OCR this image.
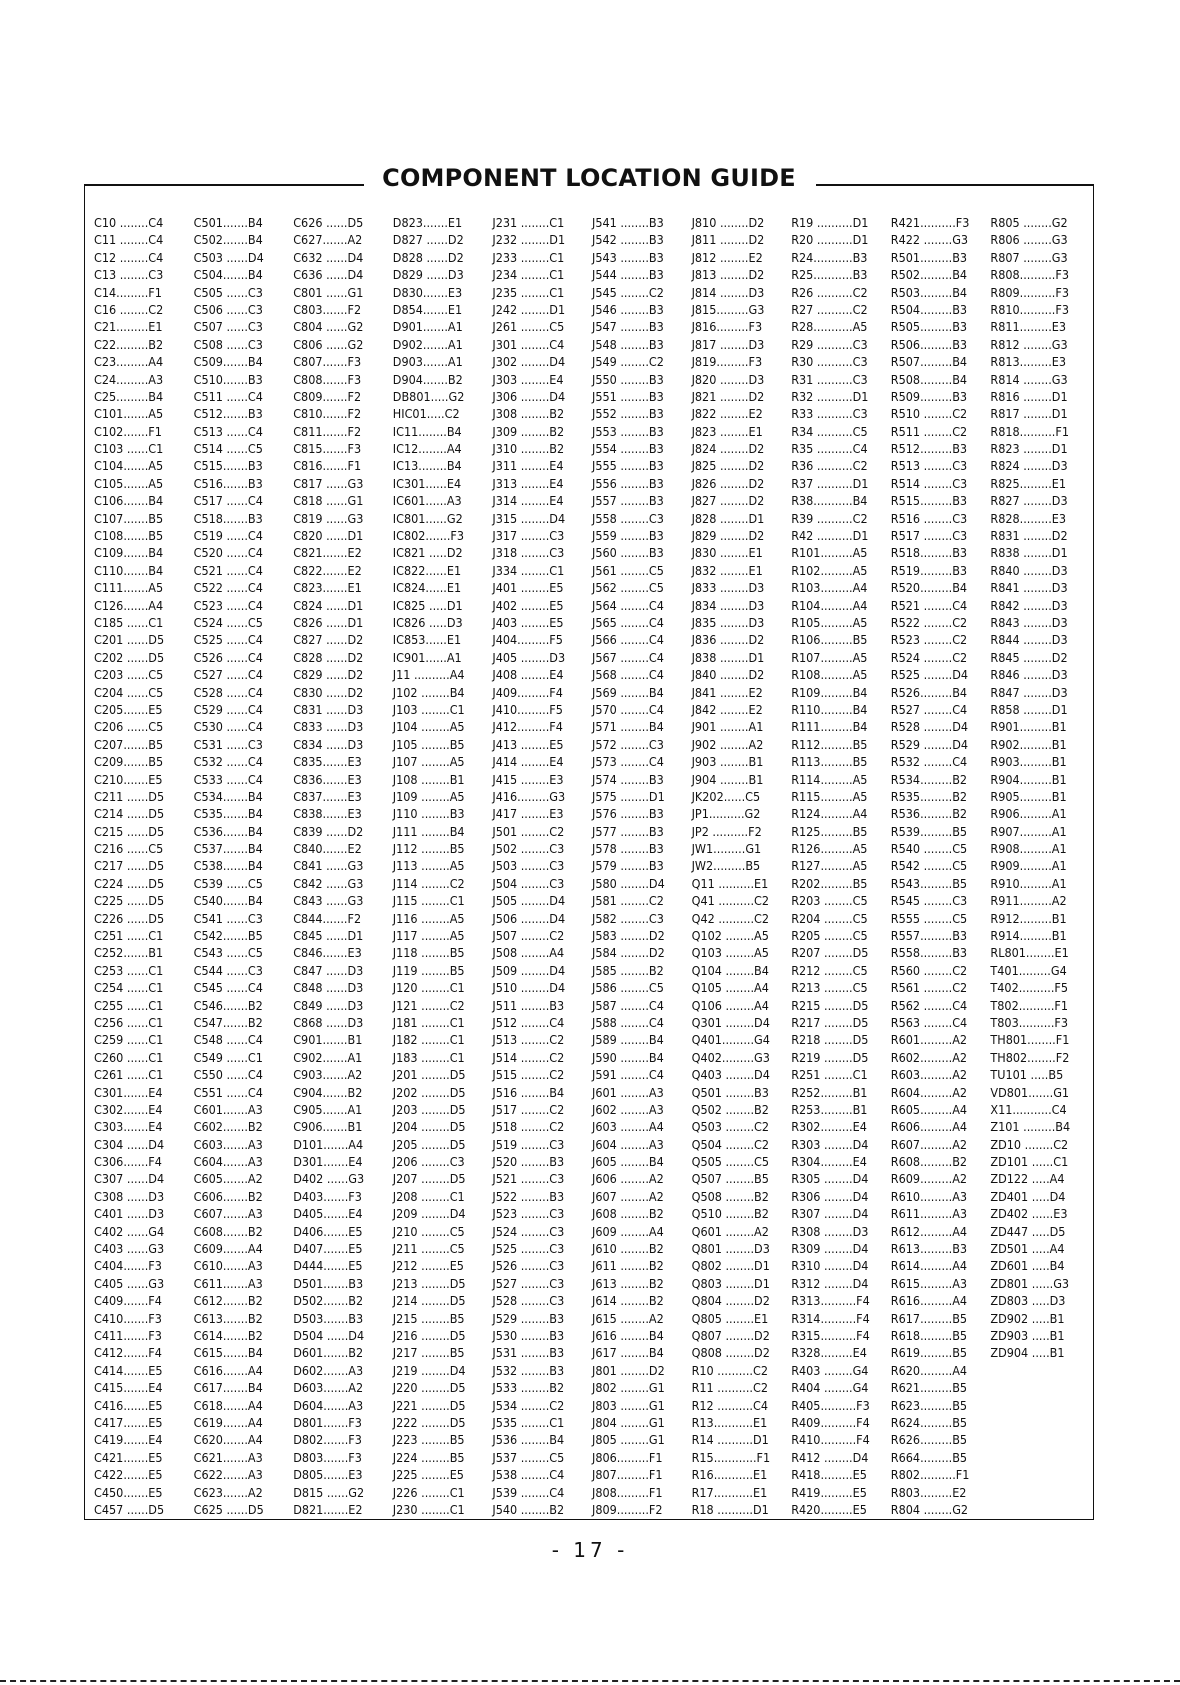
COMPONENT LOCATION GUIDE
C10 ........C4
C11 ........C4
C12 ........C4
C13 ........C3
C14.........F1
C16 ........C2
C21.........E1
C22.........B2
C23.........A4
C24.........A3
C25.........B4
C101.......A5
C102.......F1
C103 ......C1
C104.......A5
C105.......A5
C106.......B4
C107.......B5
C108.......B5
C109.......B4
C110.......B4
C111.......A5
C126.......A4
C185 ......C1
C201 ......D5
C202 ......D5
C203 ......C5
C204 ......C5
C205.......E5
C206 ......C5
C207.......B5
C209.......B5
C210.......E5
C211 ......D5
C214 ......D5
C215 ......D5
C216 ......C5
C217 ......D5
C224 ......D5
C225 ......D5
C226 ......D5
C251 ......C1
C252.......B1
C253 ......C1
C254 ......C1
C255 ......C1
C256 ......C1
C259 ......C1
C260 ......C1
C261 ......C1
C301.......E4
C302.......E4
C303.......E4
C304 ......D4
C306.......F4
C307 ......D4
C308 ......D3
C401 ......D3
C402 ......G4
C403 ......G3
C404.......F3
C405 ......G3
C409.......F4
C410.......F3
C411.......F3
C412.......F4
C414.......E5
C415.......E4
C416.......E5
C417.......E5
C419.......E4
C421.......E5
C422.......E5
C450.......E5
C457 ......D5
C501.......B4
C502.......B4
C503 ......D4
C504.......B4
C505 ......C3
C506 ......C3
C507 ......C3
C508 ......C3
C509.......B4
C510.......B3
C511 ......C4
C512.......B3
C513 ......C4
C514 ......C5
C515.......B3
C516.......B3
C517 ......C4
C518.......B3
C519 ......C4
C520 ......C4
C521 ......C4
C522 ......C4
C523 ......C4
C524 ......C5
C525 ......C4
C526 ......C4
C527 ......C4
C528 ......C4
C529 ......C4
C530 ......C4
C531 ......C3
C532 ......C4
C533 ......C4
C534.......B4
C535.......B4
C536.......B4
C537.......B4
C538.......B4
C539 ......C5
C540.......B4
C541 ......C3
C542.......B5
C543 ......C5
C544 ......C3
C545 ......C4
C546.......B2
C547.......B2
C548 ......C4
C549 ......C1
C550 ......C4
C551 ......C4
C601.......A3
C602.......B2
C603.......A3
C604.......A3
C605.......A2
C606.......B2
C607.......A3
C608.......B2
C609.......A4
C610.......A3
C611.......A3
C612.......B2
C613.......B2
C614.......B2
C615.......B4
C616.......A4
C617.......B4
C618.......A4
C619.......A4
C620.......A4
C621.......A3
C622.......A3
C623.......A2
C625 ......D5
C626 ......D5
C627.......A2
C632 ......D4
C636 ......D4
C801 ......G1
C803.......F2
C804 ......G2
C806 ......G2
C807.......F3
C808.......F3
C809.......F2
C810.......F2
C811.......F2
C815.......F3
C816.......F1
C817 ......G3
C818 ......G1
C819 ......G3
C820 ......D1
C821.......E2
C822.......E2
C823.......E1
C824 ......D1
C826 ......D1
C827 ......D2
C828 ......D2
C829 ......D2
C830 ......D2
C831 ......D3
C833 ......D3
C834 ......D3
C835.......E3
C836.......E3
C837.......E3
C838.......E3
C839 ......D2
C840.......E2
C841 ......G3
C842 ......G3
C843 ......G3
C844.......F2
C845 ......D1
C846.......E3
C847 ......D3
C848 ......D3
C849 ......D3
C868 ......D3
C901.......B1
C902.......A1
C903.......A2
C904.......B2
C905.......A1
C906.......B1
D101.......A4
D301.......E4
D402 ......G3
D403.......F3
D405.......E4
D406.......E5
D407.......E5
D444.......E5
D501.......B3
D502.......B2
D503.......B3
D504 ......D4
D601.......B2
D602.......A3
D603.......A2
D604.......A3
D801.......F3
D802.......F3
D803.......F3
D805.......E3
D815 ......G2
D821.......E2
D823.......E1
D827 ......D2
D828 ......D2
D829 ......D3
D830.......E3
D854.......E1
D901.......A1
D902.......A1
D903.......A1
D904.......B2
DB801.....G2
HIC01.....C2
IC11........B4
IC12........A4
IC13........B4
IC301......E4
IC601......A3
IC801......G2
IC802.......F3
IC821 .....D2
IC822......E1
IC824......E1
IC825 .....D1
IC826 .....D3
IC853......E1
IC901......A1
J11 ..........A4
J102 ........B4
J103 ........C1
J104 ........A5
J105 ........B5
J107 ........A5
J108 ........B1
J109 ........A5
J110 ........B3
J111 ........B4
J112 ........B5
J113 ........A5
J114 ........C2
J115 ........C1
J116 ........A5
J117 ........A5
J118 ........B5
J119 ........B5
J120 ........C1
J121 ........C2
J181 ........C1
J182 ........C1
J183 ........C1
J201 ........D5
J202 ........D5
J203 ........D5
J204 ........D5
J205 ........D5
J206 ........C3
J207 ........D5
J208 ........C1
J209 ........D4
J210 ........C5
J211 ........C5
J212 ........E5
J213 ........D5
J214 ........D5
J215 ........B5
J216 ........D5
J217 ........B5
J219 ........D4
J220 ........D5
J221 ........D5
J222 ........D5
J223 ........B5
J224 ........B5
J225 ........E5
J226 ........C1
J230 ........C1
J231 ........C1
J232 ........D1
J233 ........C1
J234 ........C1
J235 ........C1
J242 ........D1
J261 ........C5
J301 ........C4
J302 ........D4
J303 ........E4
J306 ........D4
J308 ........B2
J309 ........B2
J310 ........B2
J311 ........E4
J313 ........E4
J314 ........E4
J315 ........D4
J317 ........C3
J318 ........C3
J334 ........C1
J401 ........E5
J402 ........E5
J403 ........E5
J404.........F5
J405 ........D3
J408 ........E4
J409.........F4
J410.........F5
J412.........F4
J413 ........E5
J414 ........E4
J415 ........E3
J416.........G3
J417 ........E3
J501 ........C2
J502 ........C3
J503 ........C3
J504 ........C3
J505 ........D4
J506 ........D4
J507 ........C2
J508 ........A4
J509 ........D4
J510 ........D4
J511 ........B3
J512 ........C4
J513 ........C2
J514 ........C2
J515 ........C2
J516 ........B4
J517 ........C2
J518 ........C2
J519 ........C3
J520 ........B3
J521 ........C3
J522 ........B3
J523 ........C3
J524 ........C3
J525 ........C3
J526 ........C3
J527 ........C3
J528 ........C3
J529 ........B3
J530 ........B3
J531 ........B3
J532 ........B3
J533 ........B2
J534 ........C2
J535 ........C1
J536 ........B4
J537 ........C5
J538 ........C4
J539 ........C4
J540 ........B2
J541 ........B3
J542 ........B3
J543 ........B3
J544 ........B3
J545 ........C2
J546 ........B3
J547 ........B3
J548 ........B3
J549 ........C2
J550 ........B3
J551 ........B3
J552 ........B3
J553 ........B3
J554 ........B3
J555 ........B3
J556 ........B3
J557 ........B3
J558 ........C3
J559 ........B3
J560 ........B3
J561 ........C5
J562 ........C5
J564 ........C4
J565 ........C4
J566 ........C4
J567 ........C4
J568 ........C4
J569 ........B4
J570 ........C4
J571 ........B4
J572 ........C3
J573 ........C4
J574 ........B3
J575 ........D1
J576 ........B3
J577 ........B3
J578 ........B3
J579 ........B3
J580 ........D4
J581 ........C2
J582 ........C3
J583 ........D2
J584 ........D2
J585 ........B2
J586 ........C5
J587 ........C4
J588 ........C4
J589 ........B4
J590 ........B4
J591 ........C4
J601 ........A3
J602 ........A3
J603 ........A4
J604 ........A3
J605 ........B4
J606 ........A2
J607 ........A2
J608 ........B2
J609 ........A4
J610 ........B2
J611 ........B2
J613 ........B2
J614 ........B2
J615 ........A2
J616 ........B4
J617 ........B4
J801 ........D2
J802 ........G1
J803 ........G1
J804 ........G1
J805 ........G1
J806.........F1
J807.........F1
J808.........F1
J809.........F2
J810 ........D2
J811 ........D2
J812 ........E2
J813 ........D2
J814 ........D3
J815.........G3
J816.........F3
J817 ........D3
J819.........F3
J820 ........D3
J821 ........D2
J822 ........E2
J823 ........E1
J824 ........D2
J825 ........D2
J826 ........D2
J827 ........D2
J828 ........D1
J829 ........D2
J830 ........E1
J832 ........E1
J833 ........D3
J834 ........D3
J835 ........D3
J836 ........D2
J838 ........D1
J840 ........D2
J841 ........E2
J842 ........E2
J901 ........A1
J902 ........A2
J903 ........B1
J904 ........B1
JK202......C5
JP1..........G2
JP2 ..........F2
JW1.........G1
JW2.........B5
Q11 ..........E1
Q41 ..........C2
Q42 ..........C2
Q102 ........A5
Q103 ........A5
Q104 ........B4
Q105 ........A4
Q106 ........A4
Q301 ........D4
Q401.........G4
Q402.........G3
Q403 ........D4
Q501 ........B3
Q502 ........B2
Q503 ........C2
Q504 ........C2
Q505 ........C5
Q507 ........B5
Q508 ........B2
Q510 ........B2
Q601 ........A2
Q801 ........D3
Q802 ........D1
Q803 ........D1
Q804 ........D2
Q805 ........E1
Q807 ........D2
Q808 ........D2
R10 ..........C2
R11 ..........C2
R12 ..........C4
R13...........E1
R14 ..........D1
R15............F1
R16...........E1
R17...........E1
R18 ..........D1
R19 ..........D1
R20 ..........D1
R24...........B3
R25...........B3
R26 ..........C2
R27 ..........C2
R28...........A5
R29 ..........C3
R30 ..........C3
R31 ..........C3
R32 ..........D1
R33 ..........C3
R34 ..........C5
R35 ..........C4
R36 ..........C2
R37 ..........D1
R38...........B4
R39 ..........C2
R42 ..........D1
R101.........A5
R102.........A5
R103.........A4
R104.........A4
R105.........A5
R106.........B5
R107.........A5
R108.........A5
R109.........B4
R110.........B4
R111.........B4
R112.........B5
R113.........B5
R114.........A5
R115.........A5
R124.........A4
R125.........B5
R126.........A5
R127.........A5
R202.........B5
R203 ........C5
R204 ........C5
R205 ........C5
R207 ........D5
R212 ........C5
R213 ........C5
R215 ........D5
R217 ........D5
R218 ........D5
R219 ........D5
R251 ........C1
R252.........B1
R253.........B1
R302.........E4
R303 ........D4
R304.........E4
R305 ........D4
R306 ........D4
R307 ........D4
R308 ........D3
R309 ........D4
R310 ........D4
R312 ........D4
R313..........F4
R314..........F4
R315..........F4
R328.........E4
R403 ........G4
R404 ........G4
R405..........F3
R409..........F4
R410..........F4
R412 ........D4
R418.........E5
R419.........E5
R420.........E5
R421..........F3
R422 ........G3
R501.........B3
R502.........B4
R503.........B4
R504.........B3
R505.........B3
R506.........B3
R507.........B4
R508.........B4
R509.........B3
R510 ........C2
R511 ........C2
R512.........B3
R513 ........C3
R514 ........C3
R515.........B3
R516 ........C3
R517 ........C3
R518.........B3
R519.........B3
R520.........B4
R521 ........C4
R522 ........C2
R523 ........C2
R524 ........C2
R525 ........D4
R526.........B4
R527 ........C4
R528 ........D4
R529 ........D4
R532 ........C4
R534.........B2
R535.........B2
R536.........B2
R539.........B5
R540 ........C5
R542 ........C5
R543.........B5
R545 ........C3
R555 ........C5
R557.........B3
R558.........B3
R560 ........C2
R561 ........C2
R562 ........C4
R563 ........C4
R601.........A2
R602.........A2
R603.........A2
R604.........A2
R605.........A4
R606.........A4
R607.........A2
R608.........B2
R609.........A2
R610.........A3
R611.........A3
R612.........A4
R613.........B3
R614.........A4
R615.........A3
R616.........A4
R617.........B5
R618.........B5
R619.........B5
R620.........A4
R621.........B5
R623.........B5
R624.........B5
R626.........B5
R664.........B5
R802..........F1
R803.........E2
R804 ........G2
R805 ........G2
R806 ........G3
R807 ........G3
R808..........F3
R809..........F3
R810..........F3
R811.........E3
R812 ........G3
R813.........E3
R814 ........G3
R816 ........D1
R817 ........D1
R818..........F1
R823 ........D1
R824 ........D3
R825.........E1
R827 ........D3
R828.........E3
R831 ........D2
R838 ........D1
R840 ........D3
R841 ........D3
R842 ........D3
R843 ........D3
R844 ........D3
R845 ........D2
R846 ........D3
R847 ........D3
R858 ........D1
R901.........B1
R902.........B1
R903.........B1
R904.........B1
R905.........B1
R906.........A1
R907.........A1
R908.........A1
R909.........A1
R910.........A1
R911.........A2
R912.........B1
R914.........B1
RL801........E1
T401.........G4
T402..........F5
T802..........F1
T803..........F3
TH801........F1
TH802........F2
TU101 .....B5
VD801.......G1
X11...........C4
Z101 .........B4
ZD10 ........C2
ZD101 ......C1
ZD122 .....A4
ZD401 .....D4
ZD402 ......E3
ZD447 .....D5
ZD501 .....A4
ZD601 .....B4
ZD801 ......G3
ZD803 .....D3
ZD902 .....B1
ZD903 .....B1
ZD904 .....B1
- 17 -
